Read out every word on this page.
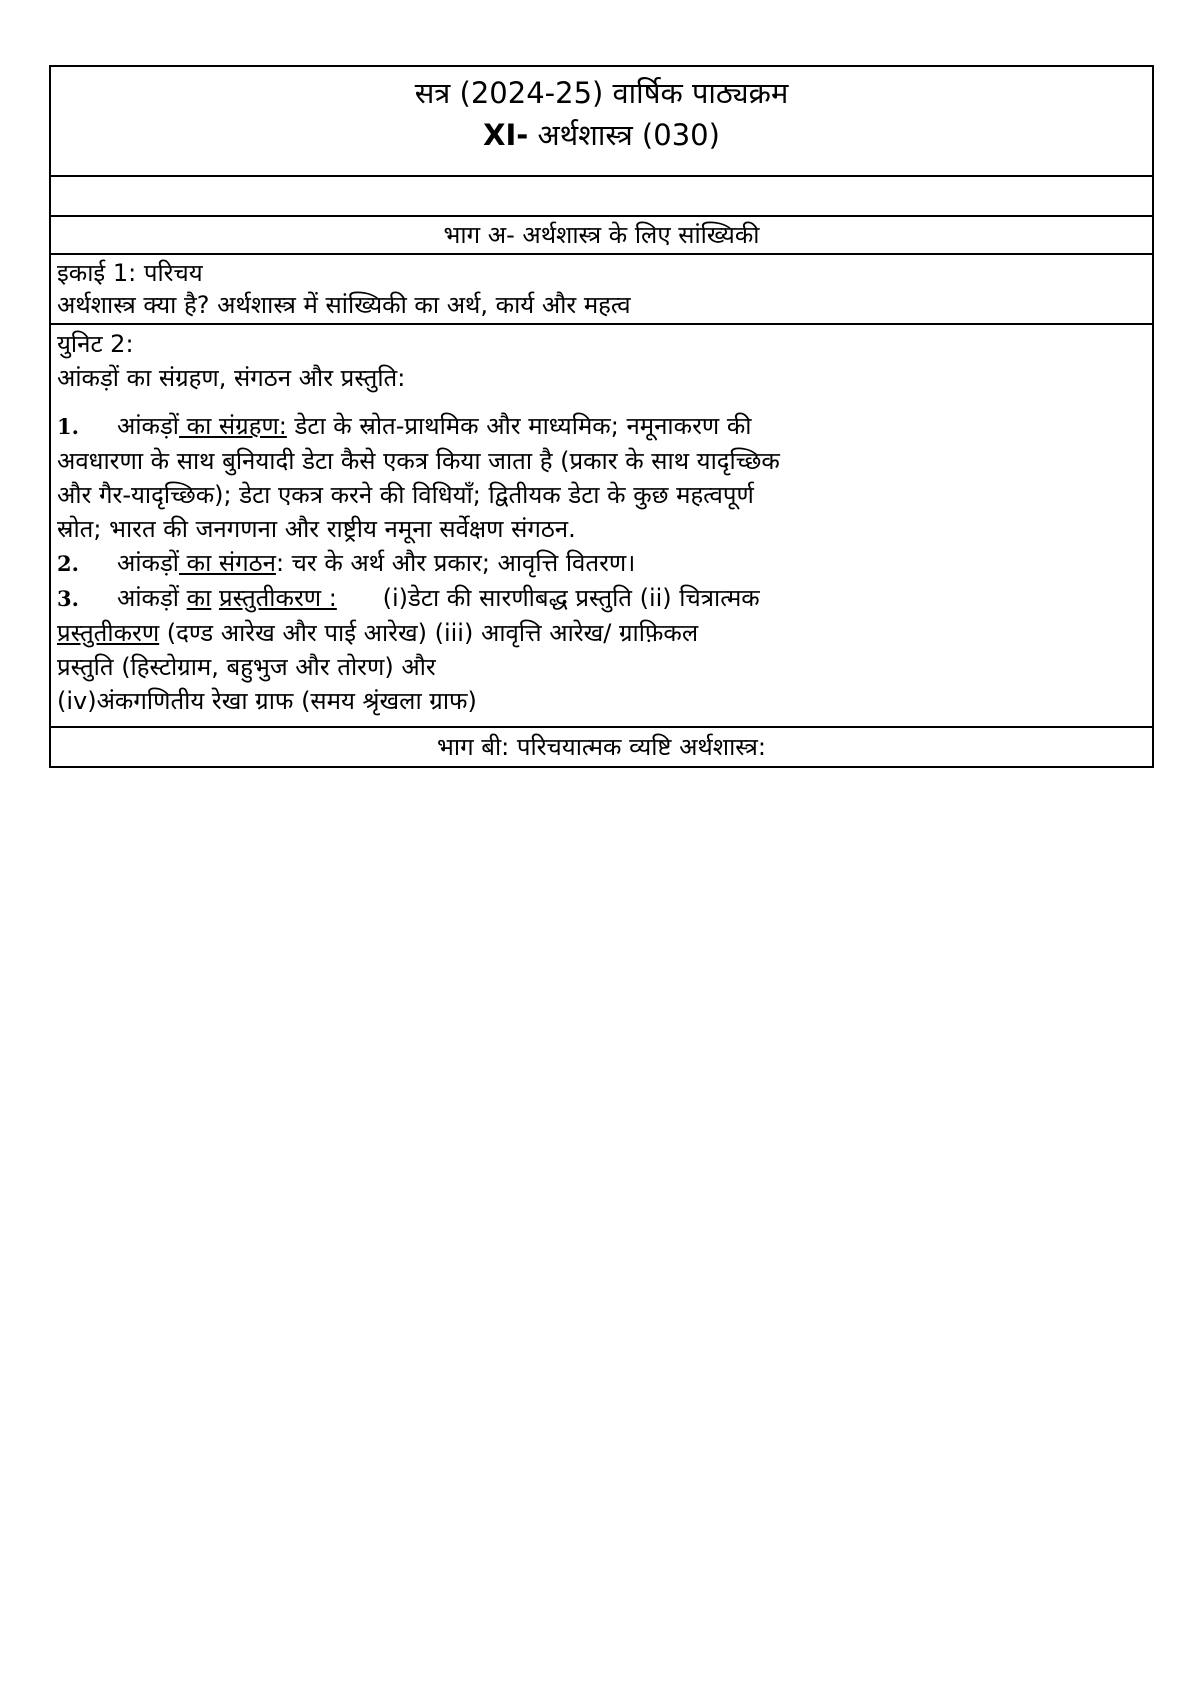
सत्र (2024-25) वार्षिक पाठ्यक्रम
XI- अर्थशास्त्र (030)

भाग अ- अर्थशास्त्र के लिए सांख्यिकी

इकाई 1: परिचय
अर्थशास्त्र क्या है? अर्थशास्त्र में सांख्यिकी का अर्थ, कार्य और महत्व

युनिट 2:
आंकड़ों का संग्रहण, संगठन और प्रस्तुति:
1. आंकड़ों का संग्रहण: डेटा के स्रोत-प्राथमिक और माध्यमिक; नमूनाकरण की
अवधारणा के साथ बुनियादी डेटा कैसे एकत्र किया जाता है (प्रकार के साथ यादृच्छिक
और गैर-यादृच्छिक); डेटा एकत्र करने की विधियाँ; द्वितीयक डेटा के कुछ महत्वपूर्ण
स्रोत; भारत की जनगणना और राष्ट्रीय नमूना सर्वेक्षण संगठन.
2. आंकड़ों का संगठन: चर के अर्थ और प्रकार; आवृत्ति वितरण।
3. आंकड़ों का प्रस्तुतीकरण :      (i)डेटा की सारणीबद्ध प्रस्तुति (ii) चित्रात्मक
प्रस्तुतीकरण (दण्ड आरेख और पाई आरेख) (iii) आवृत्ति आरेख/ ग्राफ़िकल
प्रस्तुति (हिस्टोग्राम, बहुभुज और तोरण) और
(iv)अंकगणितीय रेखा ग्राफ (समय श्रृंखला ग्राफ)

भाग बी: परिचयात्मक व्यष्टि अर्थशास्त्र:
